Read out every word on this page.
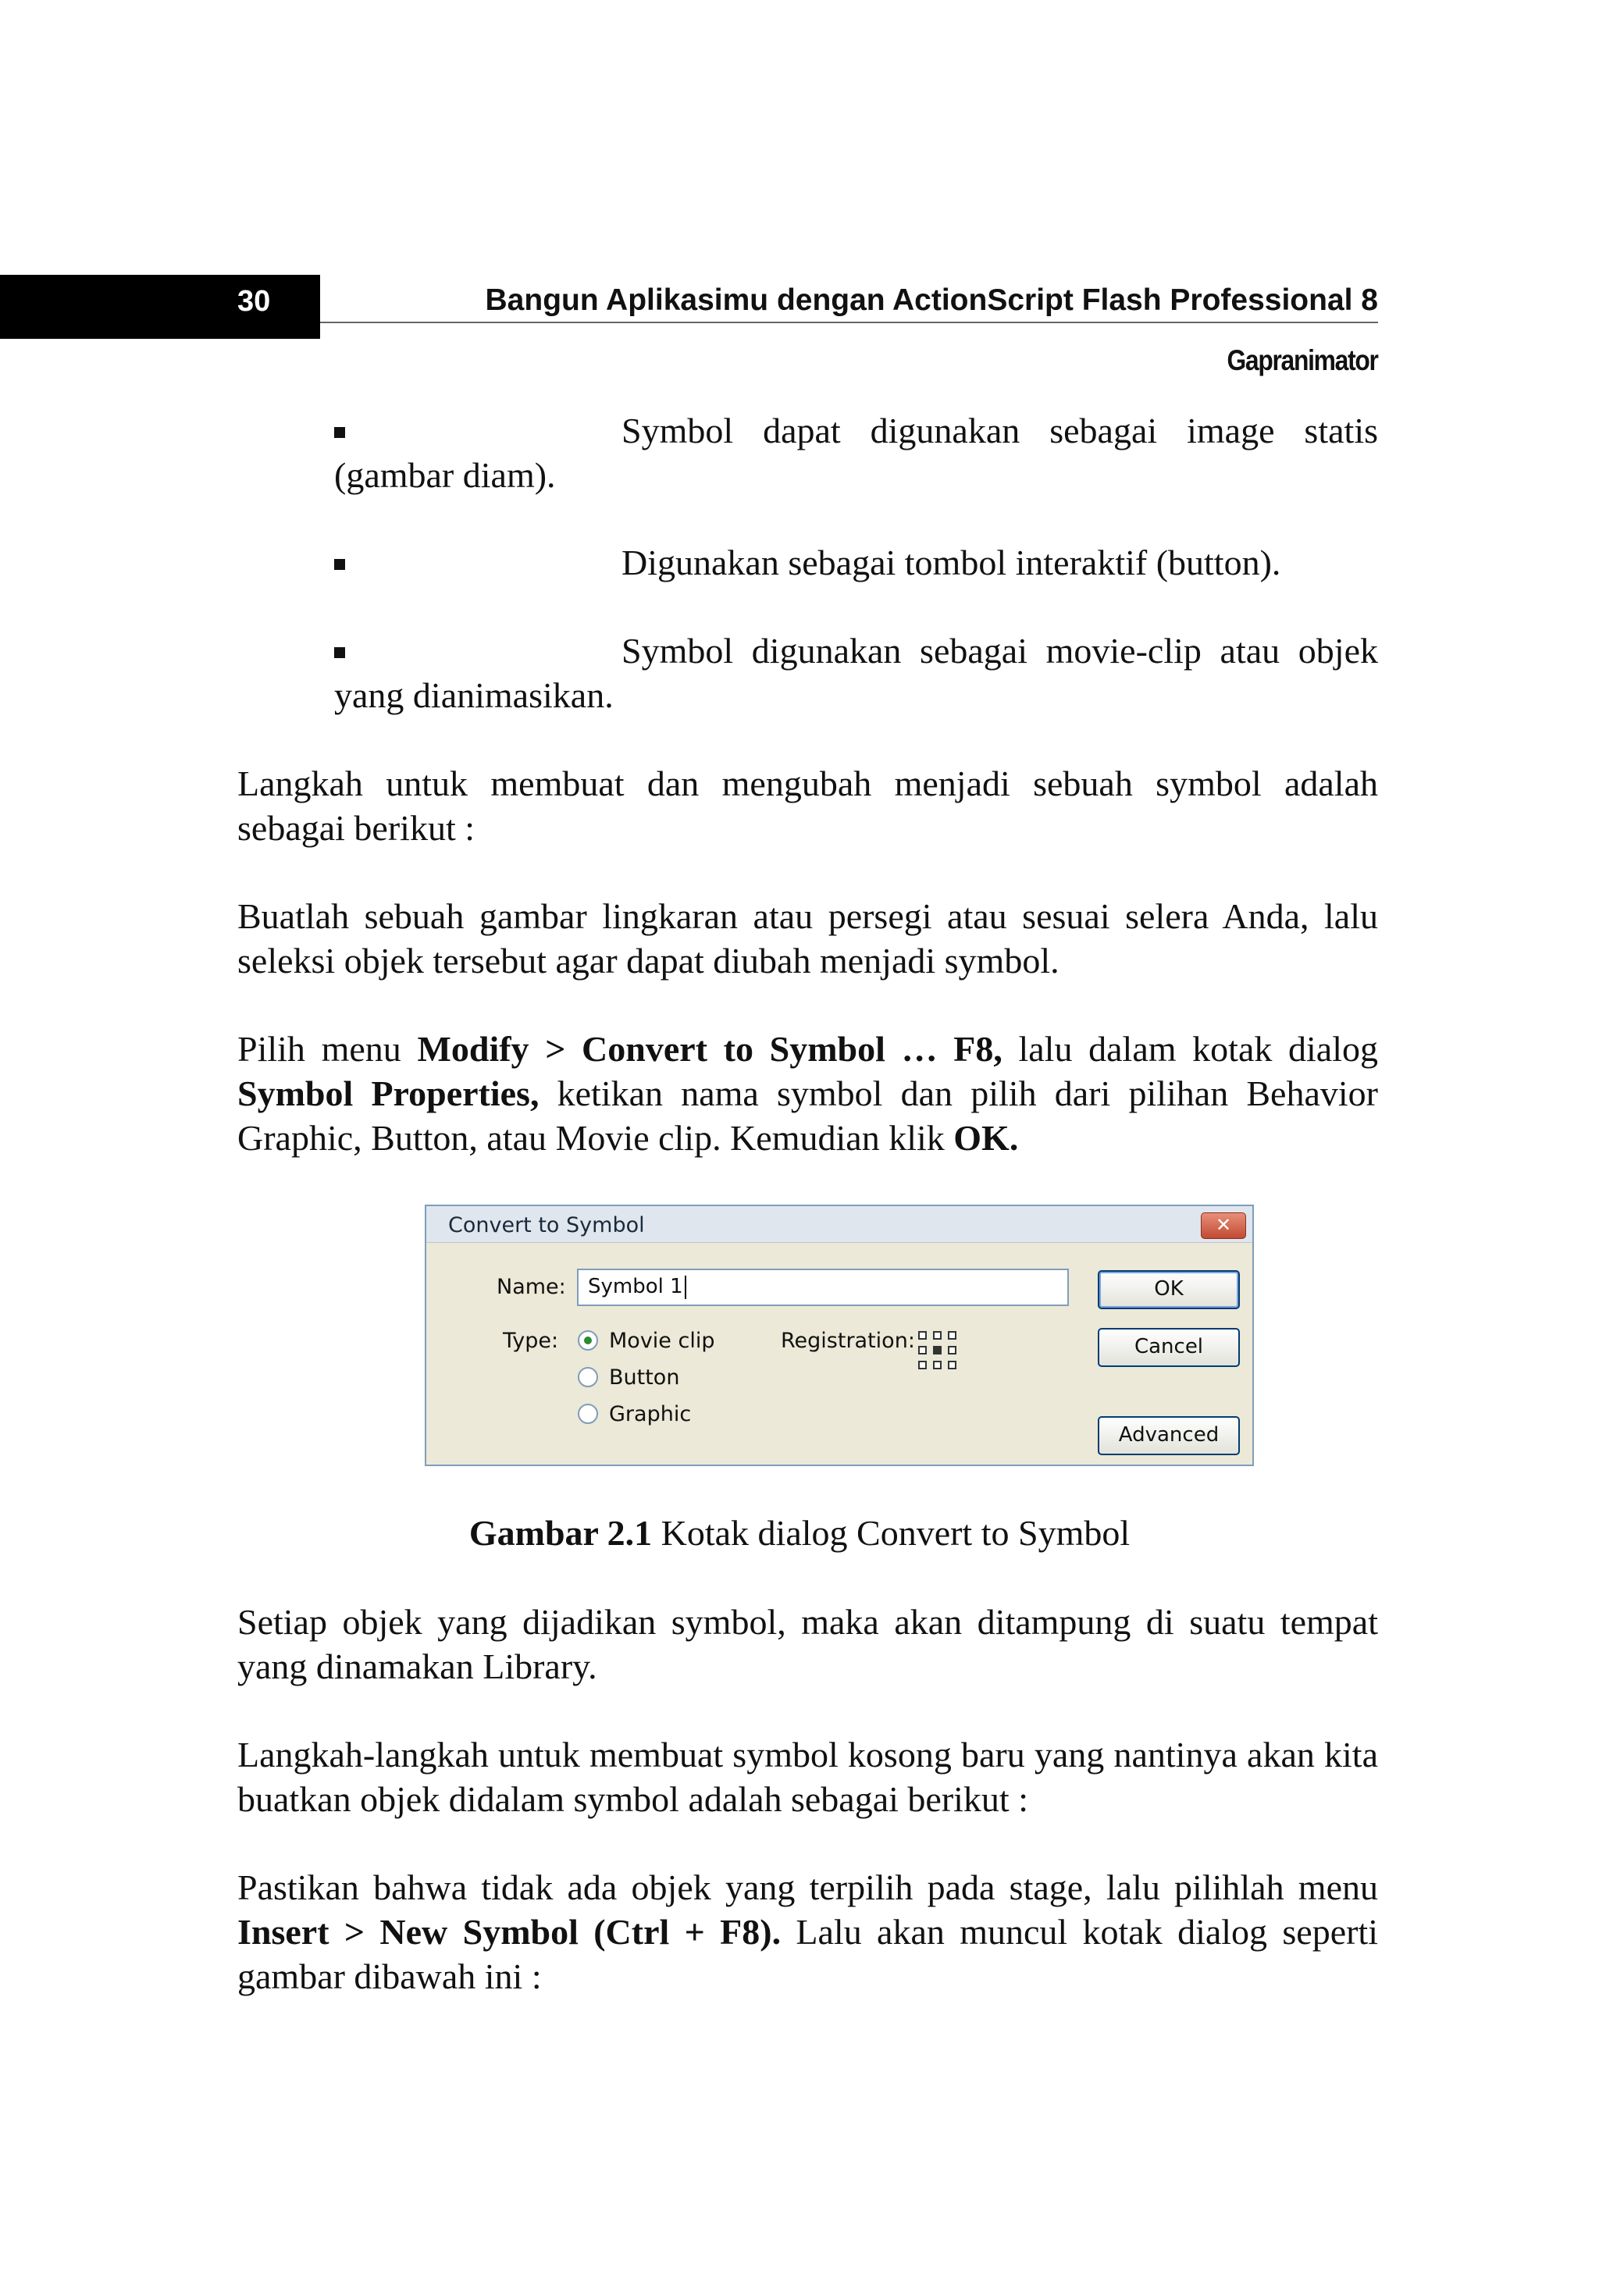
30	Bangun Aplikasimu dengan ActionScript Flash Professional 8
Gapranimator
Symbol dapat digunakan sebagai image statis
(gambar diam).
Digunakan sebagai tombol interaktif (button).
Symbol digunakan sebagai movie-clip atau objek
yang dianimasikan.
Langkah untuk membuat dan mengubah menjadi sebuah symbol adalah sebagai berikut :
Buatlah sebuah gambar lingkaran atau persegi atau sesuai selera Anda, lalu seleksi objek tersebut agar dapat diubah menjadi symbol.
Pilih menu Modify > Convert to Symbol … F8, lalu dalam kotak dialog Symbol Properties, ketikan nama symbol dan pilih dari pilihan Behavior Graphic, Button, atau Movie clip. Kemudian klik OK.
Convert to Symbol	✕
Name:	Symbol 1
Type: Movie clip
Button
Graphic
Registration:
OK
Cancel
Advanced
Gambar 2.1 Kotak dialog Convert to Symbol
Setiap objek yang dijadikan symbol, maka akan ditampung di suatu tempat yang dinamakan Library.
Langkah-langkah untuk membuat symbol kosong baru yang nantinya akan kita buatkan objek didalam symbol adalah sebagai berikut :
Pastikan bahwa tidak ada objek yang terpilih pada stage, lalu pilihlah menu Insert > New Symbol (Ctrl + F8). Lalu akan muncul kotak dialog seperti gambar dibawah ini :
